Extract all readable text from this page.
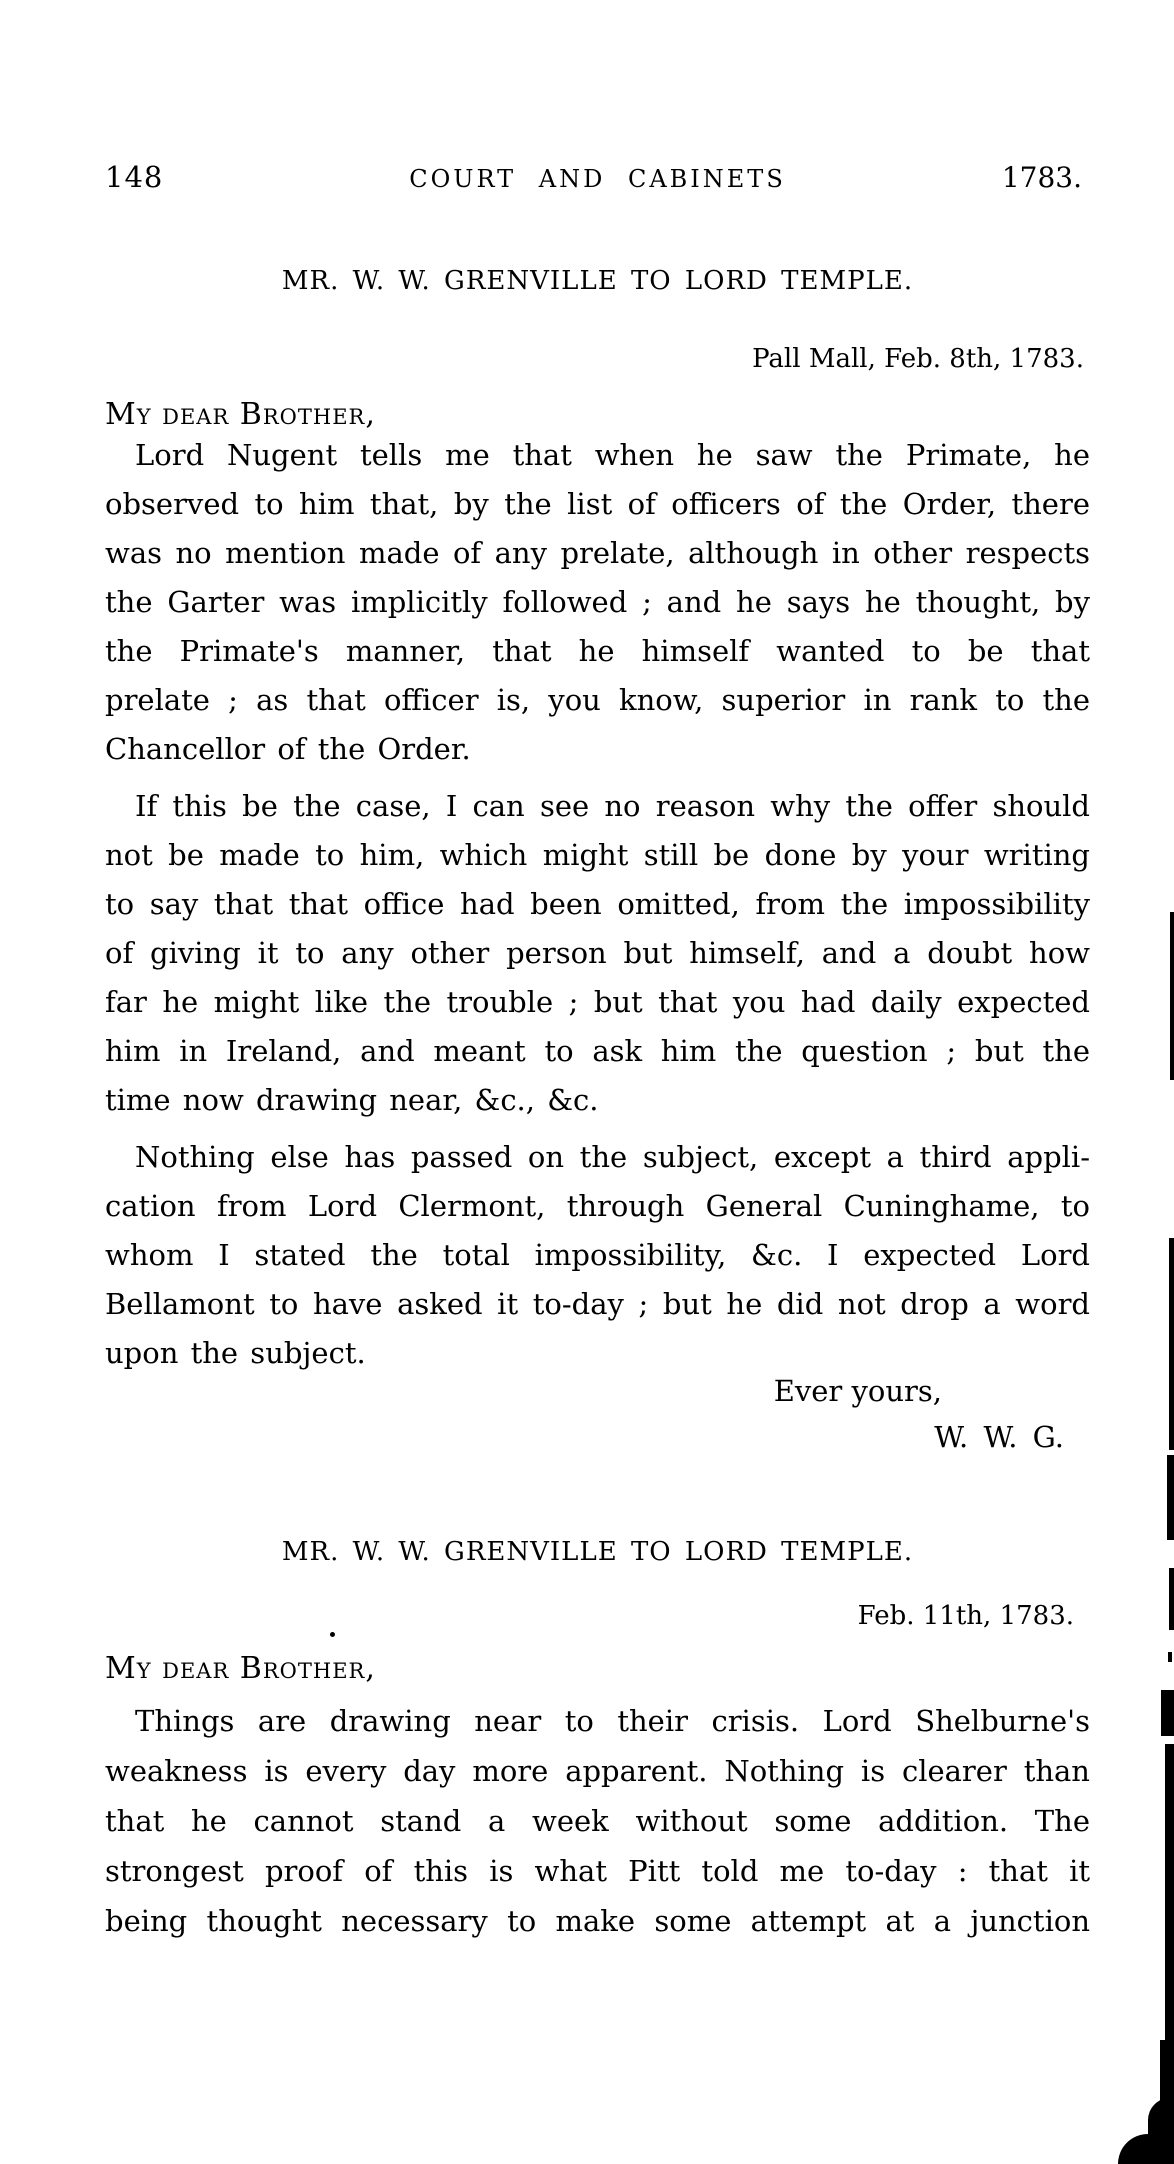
148	COURT AND CABINETS	1783.
MR. W. W. GRENVILLE TO LORD TEMPLE.
Pall Mall, Feb. 8th, 1783.
My dear Brother,
Lord Nugent tells me that when he saw the Primate, he
observed to him that, by the list of officers of the Order, there
was no mention made of any prelate, although in other respects
the Garter was implicitly followed ; and he says he thought, by
the Primate's manner, that he himself wanted to be that
prelate ; as that officer is, you know, superior in rank to the
Chancellor of the Order.
If this be the case, I can see no reason why the offer should
not be made to him, which might still be done by your writing
to say that that office had been omitted, from the impossibility
of giving it to any other person but himself, and a doubt how
far he might like the trouble ; but that you had daily expected
him in Ireland, and meant to ask him the question ; but the
time now drawing near, &c., &c.
Nothing else has passed on the subject, except a third appli-
cation from Lord Clermont, through General Cuninghame, to
whom I stated the total impossibility, &c. I expected Lord
Bellamont to have asked it to-day ; but he did not drop a word
upon the subject.
Ever yours,
W. W. G.
MR. W. W. GRENVILLE TO LORD TEMPLE.
Feb. 11th, 1783.
My dear Brother,
Things are drawing near to their crisis. Lord Shelburne's
weakness is every day more apparent. Nothing is clearer than
that he cannot stand a week without some addition. The
strongest proof of this is what Pitt told me to-day : that it
being thought necessary to make some attempt at a junction
